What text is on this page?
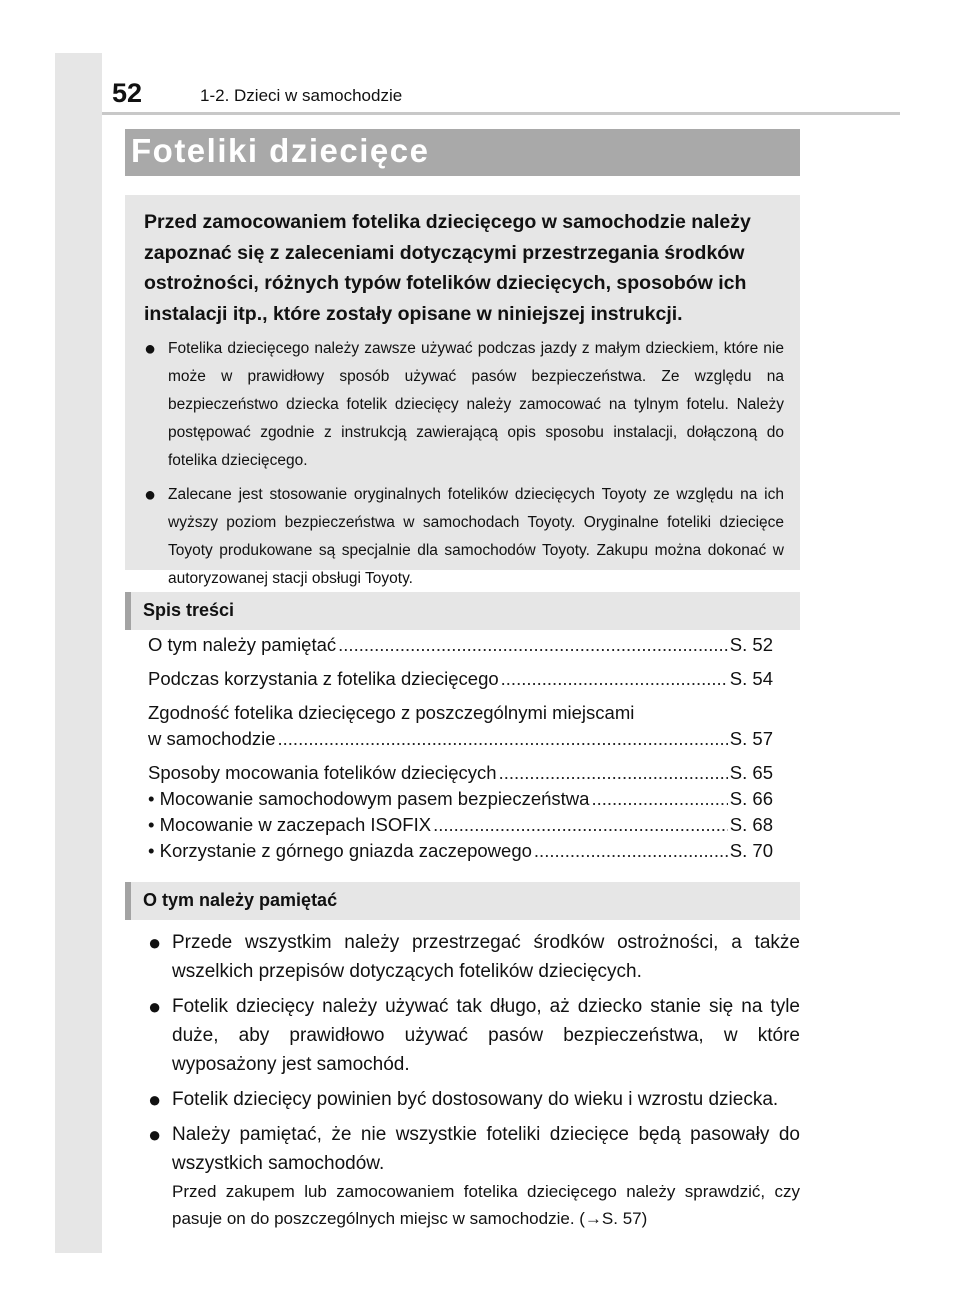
52	1-2. Dzieci w samochodzie
Foteliki dziecięce

Przed zamocowaniem fotelika dziecięcego w samochodzie należy zapoznać się z zaleceniami dotyczącymi przestrzegania środków ostrożności, różnych typów fotelików dziecięcych, sposobów ich instalacji itp., które zostały opisane w niniejszej instrukcji.

● Fotelika dziecięcego należy zawsze używać podczas jazdy z małym dzieckiem, które nie może w prawidłowy sposób używać pasów bezpieczeństwa. Ze względu na bezpieczeństwo dziecka fotelik dziecięcy należy zamocować na tylnym fotelu. Należy postępować zgodnie z instrukcją zawierającą opis sposobu instalacji, dołączoną do fotelika dziecięcego.
● Zalecane jest stosowanie oryginalnych fotelików dziecięcych Toyoty ze względu na ich wyższy poziom bezpieczeństwa w samochodach Toyoty. Oryginalne foteliki dziecięce Toyoty produkowane są specjalnie dla samochodów Toyoty. Zakupu można dokonać w autoryzowanej stacji obsługi Toyoty.
Spis treści
O tym należy pamiętać .....	S. 52
Podczas korzystania z fotelika dziecięcego .....	S. 54
Zgodność fotelika dziecięcego z poszczególnymi miejscami
w samochodzie .....	S. 57
Sposoby mocowania fotelików dziecięcych .....	S. 65
• Mocowanie samochodowym pasem bezpieczeństwa .....	S. 66
• Mocowanie w zaczepach ISOFIX .....	S. 68
• Korzystanie z górnego gniazda zaczepowego .....	S. 70
O tym należy pamiętać
● Przede wszystkim należy przestrzegać środków ostrożności, a także wszelkich przepisów dotyczących fotelików dziecięcych.
● Fotelik dziecięcy należy używać tak długo, aż dziecko stanie się na tyle duże, aby prawidłowo używać pasów bezpieczeństwa, w które wyposażony jest samochód.
● Fotelik dziecięcy powinien być dostosowany do wieku i wzrostu dziecka.
● Należy pamiętać, że nie wszystkie foteliki dziecięce będą pasowały do wszystkich samochodów.
Przed zakupem lub zamocowaniem fotelika dziecięcego należy sprawdzić, czy pasuje on do poszczególnych miejsc w samochodzie. (→S. 57)
